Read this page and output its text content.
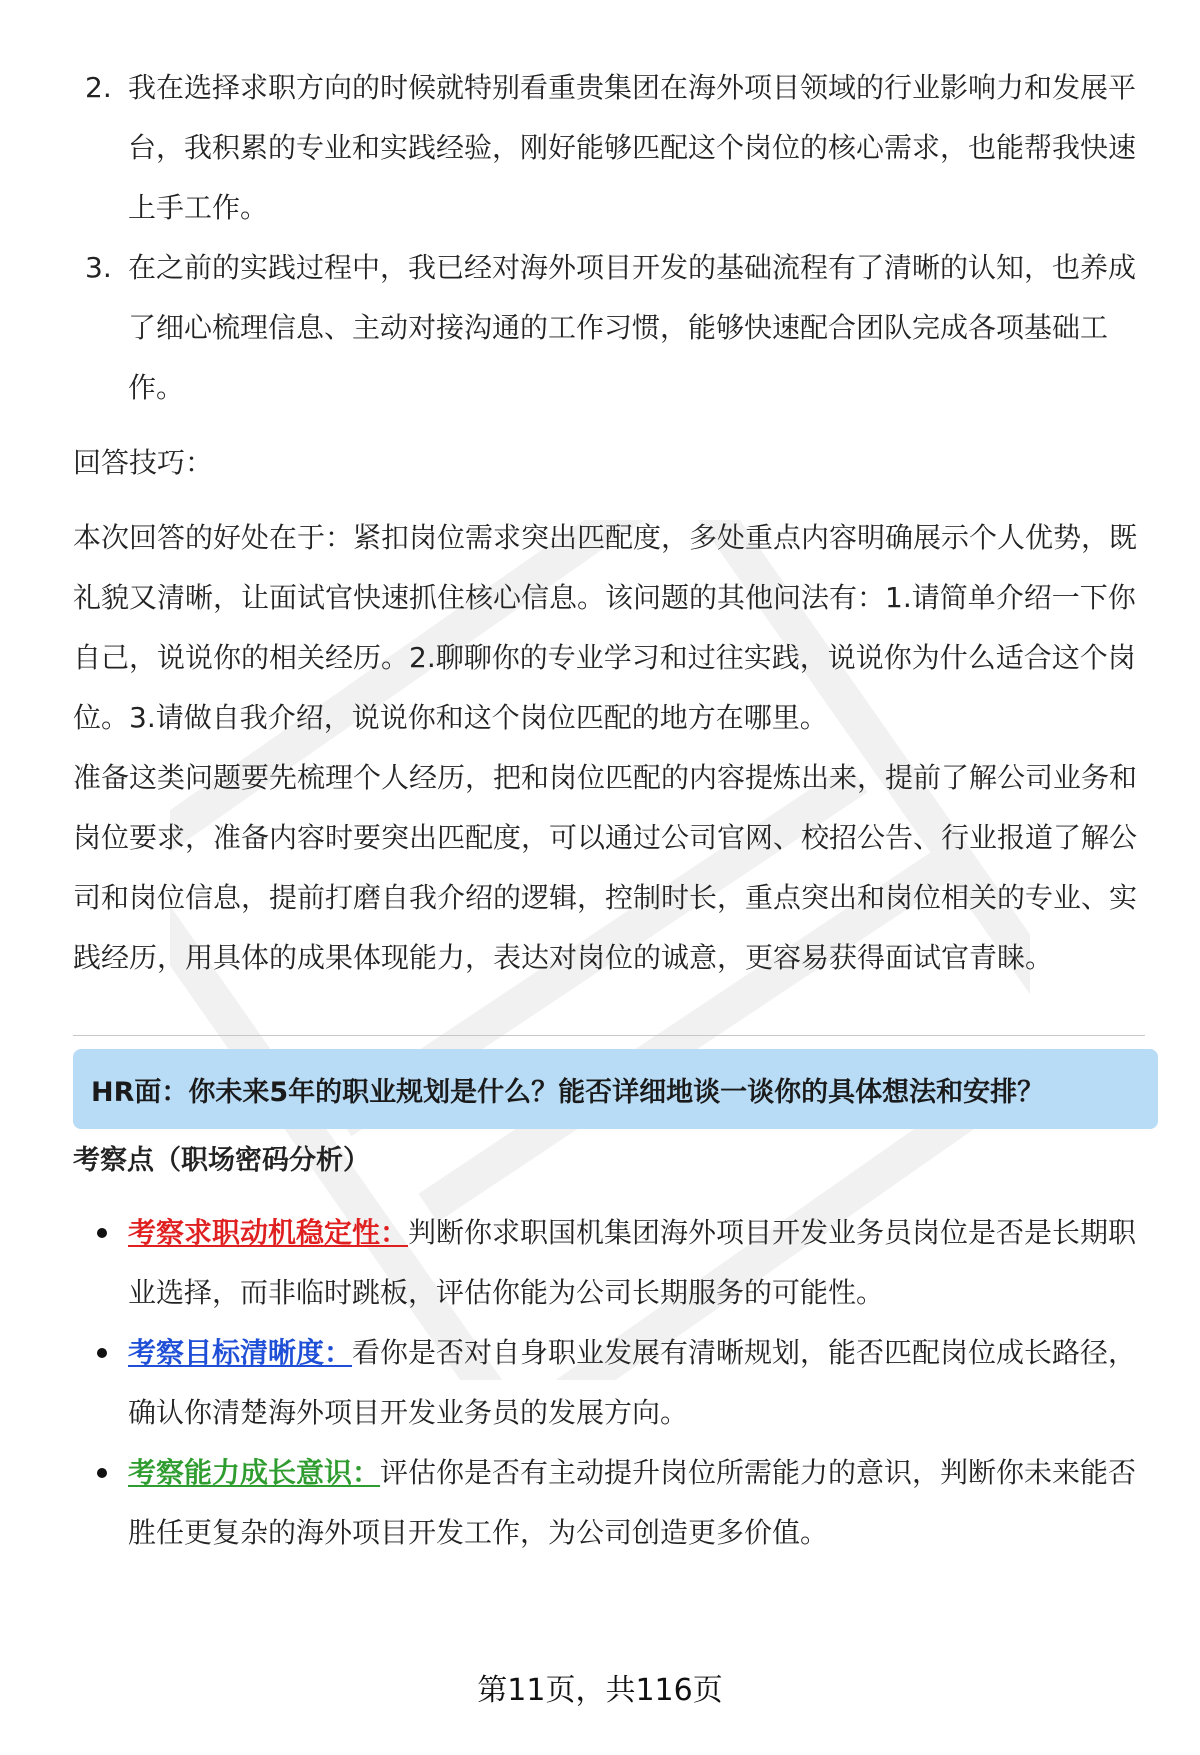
2. 我在选择求职方向的时候就特别看重贵集团在海外项目领域的行业影响力和发展平台，我积累的专业和实践经验，刚好能够匹配这个岗位的核心需求，也能帮我快速上手工作。
3. 在之前的实践过程中，我已经对海外项目开发的基础流程有了清晰的认知，也养成了细心梳理信息、主动对接沟通的工作习惯，能够快速配合团队完成各项基础工作。
回答技巧：

本次回答的好处在于：紧扣岗位需求突出匹配度，多处重点内容明确展示个人优势，既礼貌又清晰，让面试官快速抓住核心信息。该问题的其他问法有：1.请简单介绍一下你自己，说说你的相关经历。2.聊聊你的专业学习和过往实践，说说你为什么适合这个岗位。3.请做自我介绍，说说你和这个岗位匹配的地方在哪里。

准备这类问题要先梳理个人经历，把和岗位匹配的内容提炼出来，提前了解公司业务和岗位要求，准备内容时要突出匹配度，可以通过公司官网、校招公告、行业报道了解公司和岗位信息，提前打磨自我介绍的逻辑，控制时长，重点突出和岗位相关的专业、实践经历，用具体的成果体现能力，表达对岗位的诚意，更容易获得面试官青睐。

HR面：你未来5年的职业规划是什么？能否详细地谈一谈你的具体想法和安排？
考察点（职场密码分析）
考察求职动机稳定性：判断你求职国机集团海外项目开发业务员岗位是否是长期职业选择，而非临时跳板，评估你能为公司长期服务的可能性。
考察目标清晰度：看你是否对自身职业发展有清晰规划，能否匹配岗位成长路径，确认你清楚海外项目开发业务员的发展方向。
考察能力成长意识：评估你是否有主动提升岗位所需能力的意识，判断你未来能否胜任更复杂的海外项目开发工作，为公司创造更多价值。
第11页，共116页
